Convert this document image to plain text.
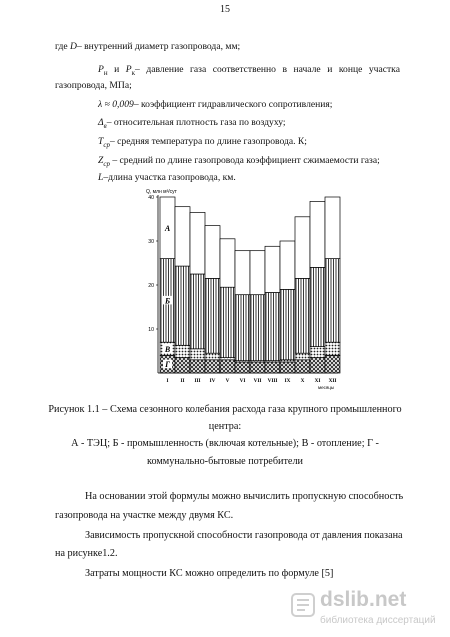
15
где D– внутренний диаметр газопровода, мм;
$P_н$ и $P_к-$ давление газа соответственно в начале и конце участка
газопровода, МПа;
λ ≈ 0,009– коэффициент гидравлического сопротивления;
$\Delta_в-$ относительная плотность газа по воздуху;
$T_{ср}-$ средняя температура по длине газопровода. К;
$Z_{ср}$ – средний по длине газопровода коэффициент сжимаемости газа;
L–длина участка газопровода, км.
Q, млн м³/сут
10
20
30
40
I II III IV V VI VII VIII IX X XI XII
Г
В
Б
А
месяцы
Рисунок 1.1 – Схема сезонного колебания расхода газа крупного промышленного
центра:
А - ТЭЦ; Б - промышленность (включая котельные); В - отопление; Г -
коммунально-бытовые потребители
На основании этой формулы можно вычислить пропускную способность
газопровода на участке между двумя КС.
Зависимость пропускной способности газопровода от давления показана
на рисунке1.2.
Затраты мощности КС можно определить по формуле [5]
dslib.net
библиотека диссертаций
